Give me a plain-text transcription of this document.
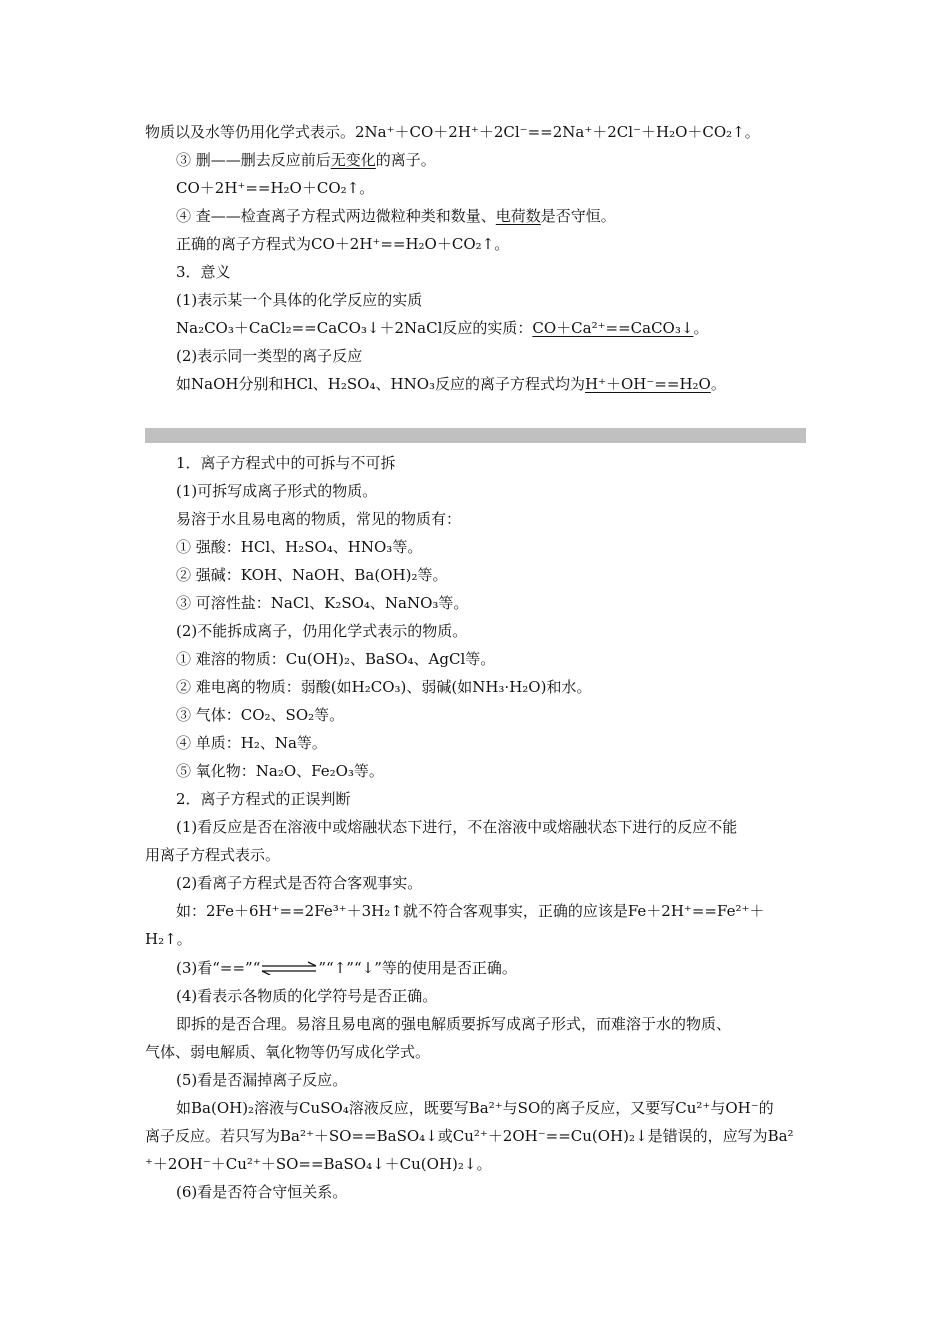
物质以及水等仍用化学式表示。2Na⁺＋CO＋2H⁺＋2Cl⁻==2Na⁺＋2Cl⁻＋H₂O＋CO₂↑。
③ 删——删去反应前后无变化的离子。
CO＋2H⁺==H₂O＋CO₂↑。
④ 查——检查离子方程式两边微粒种类和数量、电荷数是否守恒。
正确的离子方程式为CO＋2H⁺==H₂O＋CO₂↑。
3．意义
(1)表示某一个具体的化学反应的实质
Na₂CO₃＋CaCl₂==CaCO₃↓＋2NaCl反应的实质：CO＋Ca²⁺==CaCO₃↓。
(2)表示同一类型的离子反应
如NaOH分别和HCl、H₂SO₄、HNO₃反应的离子方程式均为H⁺＋OH⁻==H₂O。
1．离子方程式中的可拆与不可拆
(1)可拆写成离子形式的物质。
易溶于水且易电离的物质，常见的物质有：
① 强酸：HCl、H₂SO₄、HNO₃等。
② 强碱：KOH、NaOH、Ba(OH)₂等。
③ 可溶性盐：NaCl、K₂SO₄、NaNO₃等。
(2)不能拆成离子，仍用化学式表示的物质。
① 难溶的物质：Cu(OH)₂、BaSO₄、AgCl等。
② 难电离的物质：弱酸(如H₂CO₃)、弱碱(如NH₃·H₂O)和水。
③ 气体：CO₂、SO₂等。
④ 单质：H₂、Na等。
⑤ 氧化物：Na₂O、Fe₂O₃等。
2．离子方程式的正误判断
(1)看反应是否在溶液中或熔融状态下进行，不在溶液中或熔融状态下进行的反应不能
用离子方程式表示。
(2)看离子方程式是否符合客观事实。
如：2Fe＋6H⁺==2Fe³⁺＋3H₂↑就不符合客观事实，正确的应该是Fe＋2H⁺==Fe²⁺＋
H₂↑。
(3)看“==”“⇌”“↑”“↓”等的使用是否正确。
(4)看表示各物质的化学符号是否正确。
即拆的是否合理。易溶且易电离的强电解质要拆写成离子形式，而难溶于水的物质、
气体、弱电解质、氧化物等仍写成化学式。
(5)看是否漏掉离子反应。
如Ba(OH)₂溶液与CuSO₄溶液反应，既要写Ba²⁺与SO的离子反应，又要写Cu²⁺与OH⁻的
离子反应。若只写为Ba²⁺＋SO==BaSO₄↓或Cu²⁺＋2OH⁻==Cu(OH)₂↓是错误的，应写为Ba²
⁺＋2OH⁻＋Cu²⁺＋SO==BaSO₄↓＋Cu(OH)₂↓。
(6)看是否符合守恒关系。
